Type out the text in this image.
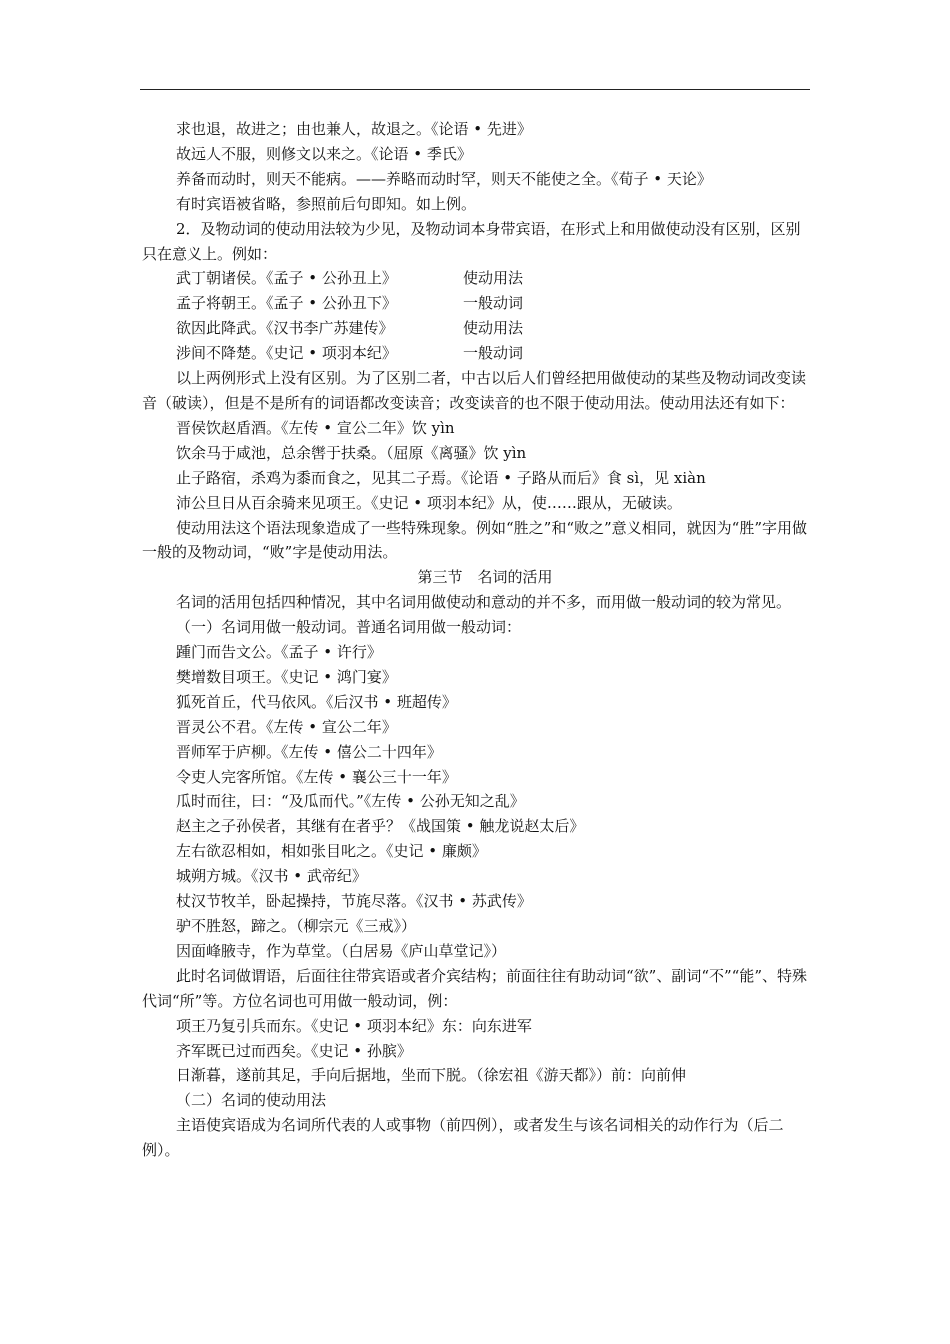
求也退，故进之；由也兼人，故退之。《论语 • 先进》

故远人不服，则修文以来之。《论语 • 季氏》

养备而动时，则天不能病。——养略而动时罕，则天不能使之全。《荀子 • 天论》

有时宾语被省略，参照前后句即知。如上例。

2．及物动词的使动用法较为少见，及物动词本身带宾语，在形式上和用做使动没有区别，区别只在意义上。例如：

武丁朝诸侯。《孟子 • 公孙丑上》	使动用法
孟子将朝王。《孟子 • 公孙丑下》	一般动词
欲因此降武。《汉书李广苏建传》	使动用法
涉间不降楚。《史记 • 项羽本纪》	一般动词

以上两例形式上没有区别。为了区别二者，中古以后人们曾经把用做使动的某些及物动词改变读音（破读），但是不是所有的词语都改变读音；改变读音的也不限于使动用法。使动用法还有如下：

晋侯饮赵盾酒。《左传 • 宣公二年》饮 yìn

饮余马于咸池，总余辔于扶桑。（屈原《离骚》饮 yìn

止子路宿，杀鸡为黍而食之，见其二子焉。《论语 • 子路从而后》食 sì，见 xiàn

沛公旦日从百余骑来见项王。《史记 • 项羽本纪》从，使……跟从，无破读。

使动用法这个语法现象造成了一些特殊现象。例如“胜之”和“败之”意义相同，就因为“胜”字用做一般的及物动词，“败”字是使动用法。

第三节　名词的活用

名词的活用包括四种情况，其中名词用做使动和意动的并不多，而用做一般动词的较为常见。

（一）名词用做一般动词。普通名词用做一般动词：

踵门而告文公。《孟子 • 许行》

樊增数目项王。《史记 • 鸿门宴》

狐死首丘，代马依风。《后汉书 • 班超传》

晋灵公不君。《左传 • 宣公二年》

晋师军于庐柳。《左传 • 僖公二十四年》

令吏人完客所馆。《左传 • 襄公三十一年》

瓜时而往，曰：“及瓜而代。”《左传 • 公孙无知之乱》

赵主之子孙侯者，其继有在者乎？《战国策 • 触龙说赵太后》

左右欲忍相如，相如张目叱之。《史记 • 廉颇》

城朔方城。《汉书 • 武帝纪》

杖汉节牧羊，卧起操持，节旄尽落。《汉书 • 苏武传》

驴不胜怒，蹄之。（柳宗元《三戒》）

因面峰腋寺，作为草堂。（白居易《庐山草堂记》）

此时名词做谓语，后面往往带宾语或者介宾结构；前面往往有助动词“欲”、副词“不”“能”、特殊代词“所”等。方位名词也可用做一般动词，例：

项王乃复引兵而东。《史记 • 项羽本纪》东：向东进军

齐军既已过而西矣。《史记 • 孙膑》

日渐暮，遂前其足，手向后据地，坐而下脱。（徐宏祖《游天都》）前：向前伸

（二）名词的使动用法

主语使宾语成为名词所代表的人或事物（前四例），或者发生与该名词相关的动作行为（后二例）。
